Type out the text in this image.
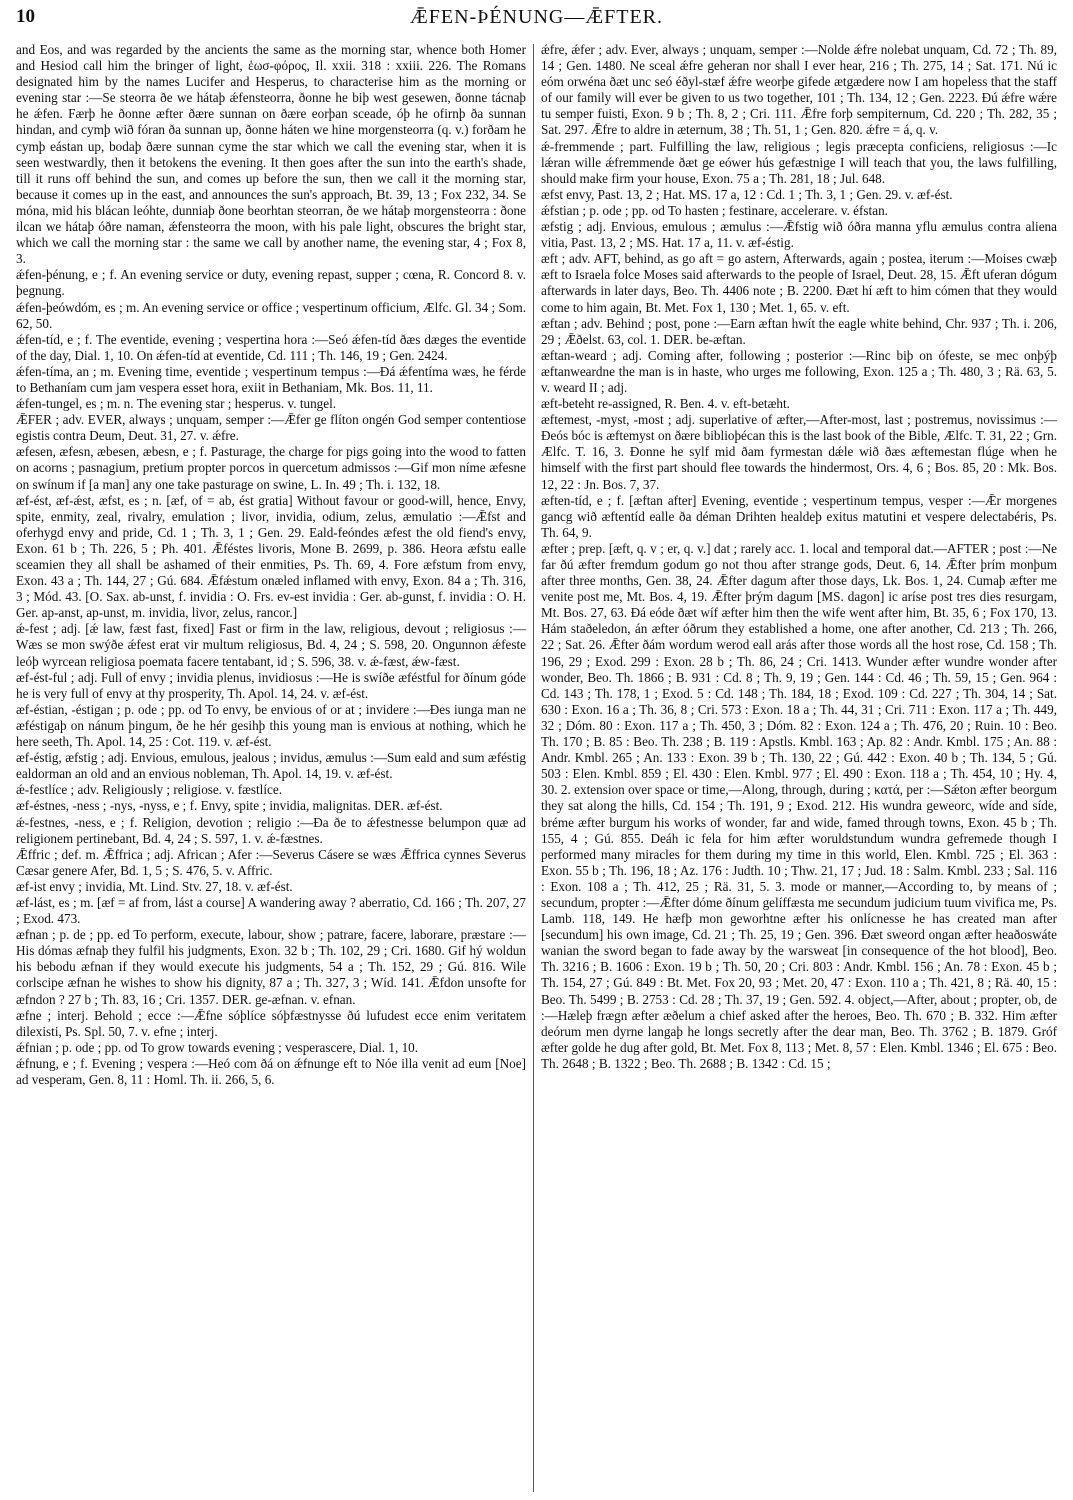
10	ǢFEN-ÞÉNUNG—ǢFTER.
and Eos, and was regarded by the ancients the same as the morning star, whence both Homer and Hesiod call him the bringer of light, ἑωσ-φόρος, Il. xxii. 318 : xxiii. 226. The Romans designated him by the names Lucifer and Hesperus, to characterise him as the morning or evening star :—Se steorra ðe we hátaþ ǽfensteorra, ðonne he biþ west gesewen, ðonne tácnaþ he ǽfen. Færþ he ðonne æfter ðære sunnan on ðære eorþan sceade, óþ he ofirnþ ða sunnan hindan, and cymþ wið fóran ða sunnan up, ðonne háten we hine morgensteorra (q. v.) forðam he cymþ eástan up, bodaþ ðære sunnan cyme the star which we call the evening star, when it is seen westwardly, then it betokens the evening. It then goes after the sun into the earth's shade, till it runs off behind the sun, and comes up before the sun, then we call it the morning star, because it comes up in the east, and announces the sun's approach, Bt. 39, 13 ; Fox 232, 34. Se móna, mid his blácan leóhte, dunniaþ ðone beorhtan steorran, ðe we hátaþ morgensteorra : ðone ilcan we hátaþ óðre naman, ǽfensteorra the moon, with his pale light, obscures the bright star, which we call the morning star : the same we call by another name, the evening star, 4 ; Fox 8, 3.
ǽfen-þénung, e ; f. An evening service or duty, evening repast, supper ; cœna, R. Concord 8. v. þegnung.
ǽfen-þeówdóm, es ; m. An evening service or office ; vespertinum officium, Ælfc. Gl. 34 ; Som. 62, 50.
ǽfen-tíd, e ; f. The eventide, evening ; vespertina hora :—Seó ǽfen-tíd ðæs dæges the eventide of the day, Dial. 1, 10. On ǽfen-tíd at eventide, Cd. 111 ; Th. 146, 19 ; Gen. 2424.
ǽfen-tíma, an ; m. Evening time, eventide ; vespertinum tempus :—Ðá ǽfentíma wæs, he férde to Bethaníam cum jam vespera esset hora, exiit in Bethaniam, Mk. Bos. 11, 11.
ǽfen-tungel, es ; m. n. The evening star ; hesperus. v. tungel.
ǢFER ; adv. EVER, always ; unquam, semper :—Ǣfer ge flíton ongén God semper contentiose egistis contra Deum, Deut. 31, 27. v. ǽfre.
æfesen, æfesn, æbesen, æbesn, e ; f. Pasturage, the charge for pigs going into the wood to fatten on acorns ; pasnagium, pretium propter porcos in quercetum admissos :—Gif mon níme æfesne on swínum if [a man] any one take pasturage on swine, L. In. 49 ; Th. i. 132, 18.
æf-ést, æf-ǽst, æfst, es ; n. [æf, of = ab, ést gratia] Without favour or good-will, hence, Envy, spite, enmity, zeal, rivalry, emulation ; livor, invidia, odium, zelus, æmulatio :—Ǣfst and oferhygd envy and pride, Cd. 1 ; Th. 3, 1 ; Gen. 29. Eald-feóndes æfest the old fiend's envy, Exon. 61 b ; Th. 226, 5 ; Ph. 401. Ǣféstes livoris, Mone B. 2699, p. 386. Heora æfstu ealle sceamien they all shall be ashamed of their enmities, Ps. Th. 69, 4. Fore æfstum from envy, Exon. 43 a ; Th. 144, 27 ; Gú. 684. Ǣfǽstum onæled inflamed with envy, Exon. 84 a ; Th. 316, 3 ; Mód. 43. [O. Sax. ab-unst, f. invidia : O. Frs. ev-est invidia : Ger. ab-gunst, f. invidia : O. H. Ger. ap-anst, ap-unst, m. invidia, livor, zelus, rancor.]
ǽ-fest ; adj. [ǽ law, fæst fast, fixed] Fast or firm in the law, religious, devout ; religiosus :—Wæs se mon swýðe ǽfest erat vir multum religiosus, Bd. 4, 24 ; S. 598, 20. Ongunnon ǽfeste leóþ wyrcean religiosa poemata facere tentabant, id ; S. 596, 38. v. ǽ-fæst, ǽw-fæst.
æf-ést-ful ; adj. Full of envy ; invidia plenus, invidiosus :—He is swíðe æféstful for ðínum góde he is very full of envy at thy prosperity, Th. Apol. 14, 24. v. æf-ést.
æf-éstian, -éstigan ; p. ode ; pp. od To envy, be envious of or at ; invidere :—Ðes iunga man ne æféstigaþ on nánum þingum, ðe he hér gesihþ this young man is envious at nothing, which he here seeth, Th. Apol. 14, 25 : Cot. 119. v. æf-ést.
æf-éstig, æfstig ; adj. Envious, emulous, jealous ; invidus, æmulus :—Sum eald and sum æféstig ealdorman an old and an envious nobleman, Th. Apol. 14, 19. v. æf-ést.
ǽ-festlíce ; adv. Religiously ; religiose. v. fæstlíce.
æf-éstnes, -ness ; -nys, -nyss, e ; f. Envy, spite ; invidia, malignitas. DER. æf-ést.
ǽ-festnes, -ness, e ; f. Religion, devotion ; religio :—Ða ðe to ǽfestnesse belumpon quæ ad religionem pertinebant, Bd. 4, 24 ; S. 597, 1. v. ǽ-fæstnes.
Ǣffric ; def. m. Ǣffrica ; adj. African ; Afer :—Severus Cásere se wæs Ǣffrica cynnes Severus Cæsar genere Afer, Bd. 1, 5 ; S. 476, 5. v. Affric.
æf-ist envy ; invidia, Mt. Lind. Stv. 27, 18. v. æf-ést.
æf-lást, es ; m. [æf = af from, lást a course] A wandering away ? aberratio, Cd. 166 ; Th. 207, 27 ; Exod. 473.
æfnan ; p. de ; pp. ed To perform, execute, labour, show ; patrare, facere, laborare, præstare :—His dómas æfnaþ they fulfil his judgments, Exon. 32 b ; Th. 102, 29 ; Cri. 1680. Gif hý woldun his bebodu æfnan if they would execute his judgments, 54 a ; Th. 152, 29 ; Gú. 816. Wile corlscipe æfnan he wishes to show his dignity, 87 a ; Th. 327, 3 ; Wíd. 141. Ǣfdon unsofte for æfndon ? 27 b ; Th. 83, 16 ; Cri. 1357. DER. ge-æfnan. v. efnan.
æfne ; interj. Behold ; ecce :—Ǣfne sóþlíce sóþfæstnysse ðú lufudest ecce enim veritatem dilexisti, Ps. Spl. 50, 7. v. efne ; interj.
ǽfnian ; p. ode ; pp. od To grow towards evening ; vesperascere, Dial. 1, 10.
ǽfnung, e ; f. Evening ; vespera :—Heó com ðá on ǽfnunge eft to Nóe illa venit ad eum [Noe] ad vesperam, Gen. 8, 11 : Homl. Th. ii. 266, 5, 6.
ǽfre, ǽfer ; adv. Ever, always ; unquam, semper :—Nolde ǽfre nolebat unquam, Cd. 72 ; Th. 89, 14 ; Gen. 1480. Ne sceal ǽfre geheran nor shall I ever hear, 216 ; Th. 275, 14 ; Sat. 171. Nú ic eóm orwéna ðæt unc seó éðyl-stæf ǽfre weorþe gifede ætgædere now I am hopeless that the staff of our family will ever be given to us two together, 101 ; Th. 134, 12 ; Gen. 2223. Ðú ǽfre wǽre tu semper fuisti, Exon. 9 b ; Th. 8, 2 ; Cri. 111. Ǣfre forþ sempiternum, Cd. 220 ; Th. 282, 35 ; Sat. 297. Ǣfre to aldre in æternum, 38 ; Th. 51, 1 ; Gen. 820. ǽfre = á, q. v.
ǽ-fremmende ; part. Fulfilling the law, religious ; legis præcepta conficiens, religiosus :—Ic lǽran wille ǽfremmende ðæt ge eówer hús gefæstnige I will teach that you, the laws fulfilling, should make firm your house, Exon. 75 a ; Th. 281, 18 ; Jul. 648.
æfst envy, Past. 13, 2 ; Hat. MS. 17 a, 12 : Cd. 1 ; Th. 3, 1 ; Gen. 29. v. æf-ést.
ǽfstian ; p. ode ; pp. od To hasten ; festinare, accelerare. v. éfstan.
æfstig ; adj. Envious, emulous ; æmulus :—Ǣfstig wið óðra manna yflu æmulus contra aliena vitia, Past. 13, 2 ; MS. Hat. 17 a, 11. v. æf-éstig.
æft ; adv. AFT, behind, as go aft = go astern, Afterwards, again ; postea, iterum :—Moises cwæþ æft to Israela folce Moses said afterwards to the people of Israel, Deut. 28, 15. Ǣft uferan dógum afterwards in later days, Beo. Th. 4406 note ; B. 2200. Ðæt hí æft to him cómen that they would come to him again, Bt. Met. Fox 1, 130 ; Met. 1, 65. v. eft.
æftan ; adv. Behind ; post, pone :—Earn æftan hwít the eagle white behind, Chr. 937 ; Th. i. 206, 29 ; Ǣðelst. 63, col. 1. DER. be-æftan.
æftan-weard ; adj. Coming after, following ; posterior :—Rinc biþ on ófeste, se mec onþýþ æftanweardne the man is in haste, who urges me following, Exon. 125 a ; Th. 480, 3 ; Rä. 63, 5. v. weard II ; adj.
æft-beteht re-assigned, R. Ben. 4. v. eft-betæht.
æftemest, -myst, -most ; adj. superlative of æfter,—After-most, last ; postremus, novissimus :—Ðeós bóc is æftemyst on ðære biblioþécan this is the last book of the Bible, Ælfc. T. 31, 22 ; Grn. Ælfc. T. 16, 3. Ðonne he sylf mid ðam fyrmestan dǽle wið ðæs æftemestan flúge when he himself with the first part should flee towards the hindermost, Ors. 4, 6 ; Bos. 85, 20 : Mk. Bos. 12, 22 : Jn. Bos. 7, 37.
æften-tíd, e ; f. [æftan after] Evening, eventide ; vespertinum tempus, vesper :—Ǣr morgenes gancg wið æftentíd ealle ða déman Drihten healdeþ exitus matutini et vespere delectabéris, Ps. Th. 64, 9.
æfter ; prep. [æft, q. v ; er, q. v.] dat ; rarely acc. 1. local and temporal dat.—AFTER ; post :—Ne far ðú æfter fremdum godum go not thou after strange gods, Deut. 6, 14. Ǣfter þrím monþum after three months, Gen. 38, 24. Ǣfter dagum after those days, Lk. Bos. 1, 24. Cumaþ æfter me venite post me, Mt. Bos. 4, 19. Ǣfter þrým dagum [MS. dagon] ic aríse post tres dies resurgam, Mt. Bos. 27, 63. Ðá eóde ðæt wíf æfter him then the wife went after him, Bt. 35, 6 ; Fox 170, 13. Hám staðeledon, án æfter óðrum they established a home, one after another, Cd. 213 ; Th. 266, 22 ; Sat. 26. Ǣfter ðám wordum werod eall arás after those words all the host rose, Cd. 158 ; Th. 196, 29 ; Exod. 299 : Exon. 28 b ; Th. 86, 24 ; Cri. 1413. Wunder æfter wundre wonder after wonder, Beo. Th. 1866 ; B. 931 : Cd. 8 ; Th. 9, 19 ; Gen. 144 : Cd. 46 ; Th. 59, 15 ; Gen. 964 : Cd. 143 ; Th. 178, 1 ; Exod. 5 : Cd. 148 ; Th. 184, 18 ; Exod. 109 : Cd. 227 ; Th. 304, 14 ; Sat. 630 : Exon. 16 a ; Th. 36, 8 ; Cri. 573 : Exon. 18 a ; Th. 44, 31 ; Cri. 711 : Exon. 117 a ; Th. 449, 32 ; Dóm. 80 : Exon. 117 a ; Th. 450, 3 ; Dóm. 82 : Exon. 124 a ; Th. 476, 20 ; Ruin. 10 : Beo. Th. 170 ; B. 85 : Beo. Th. 238 ; B. 119 : Apstls. Kmbl. 163 ; Ap. 82 : Andr. Kmbl. 175 ; An. 88 : Andr. Kmbl. 265 ; An. 133 : Exon. 39 b ; Th. 130, 22 ; Gú. 442 : Exon. 40 b ; Th. 134, 5 ; Gú. 503 : Elen. Kmbl. 859 ; El. 430 : Elen. Kmbl. 977 ; El. 490 : Exon. 118 a ; Th. 454, 10 ; Hy. 4, 30. 2. extension over space or time,—Along, through, during ; κατά, per :—Sǽton æfter beorgum they sat along the hills, Cd. 154 ; Th. 191, 9 ; Exod. 212. His wundra geweorc, wíde and síde, bréme æfter burgum his works of wonder, far and wide, famed through towns, Exon. 45 b ; Th. 155, 4 ; Gú. 855. Deáh ic fela for him æfter woruldstundum wundra gefremede though I performed many miracles for them during my time in this world, Elen. Kmbl. 725 ; El. 363 : Exon. 55 b ; Th. 196, 18 ; Az. 176 : Judth. 10 ; Thw. 21, 17 ; Jud. 18 : Salm. Kmbl. 233 ; Sal. 116 : Exon. 108 a ; Th. 412, 25 ; Rä. 31, 5. 3. mode or manner,—According to, by means of ; secundum, propter :—Ǣfter dóme ðínum gelíffæsta me secundum judicium tuum vivifica me, Ps. Lamb. 118, 149. He hæfþ mon geworhtne æfter his onlícnesse he has created man after [secundum] his own image, Cd. 21 ; Th. 25, 19 ; Gen. 396. Ðæt sweord ongan æfter heaðoswáte wanian the sword began to fade away by the warsweat [in consequence of the hot blood], Beo. Th. 3216 ; B. 1606 : Exon. 19 b ; Th. 50, 20 ; Cri. 803 : Andr. Kmbl. 156 ; An. 78 : Exon. 45 b ; Th. 154, 27 ; Gú. 849 : Bt. Met. Fox 20, 93 ; Met. 20, 47 : Exon. 110 a ; Th. 421, 8 ; Rä. 40, 15 : Beo. Th. 5499 ; B. 2753 : Cd. 28 ; Th. 37, 19 ; Gen. 592. 4. object,—After, about ; propter, ob, de :—Hæleþ frægn æfter æðelum a chief asked after the heroes, Beo. Th. 670 ; B. 332. Him æfter deórum men dyrne langaþ he longs secretly after the dear man, Beo. Th. 3762 ; B. 1879. Gróf æfter golde he dug after gold, Bt. Met. Fox 8, 113 ; Met. 8, 57 : Elen. Kmbl. 1346 ; El. 675 : Beo. Th. 2648 ; B. 1322 ; Beo. Th. 2688 ; B. 1342 : Cd. 15 ;
